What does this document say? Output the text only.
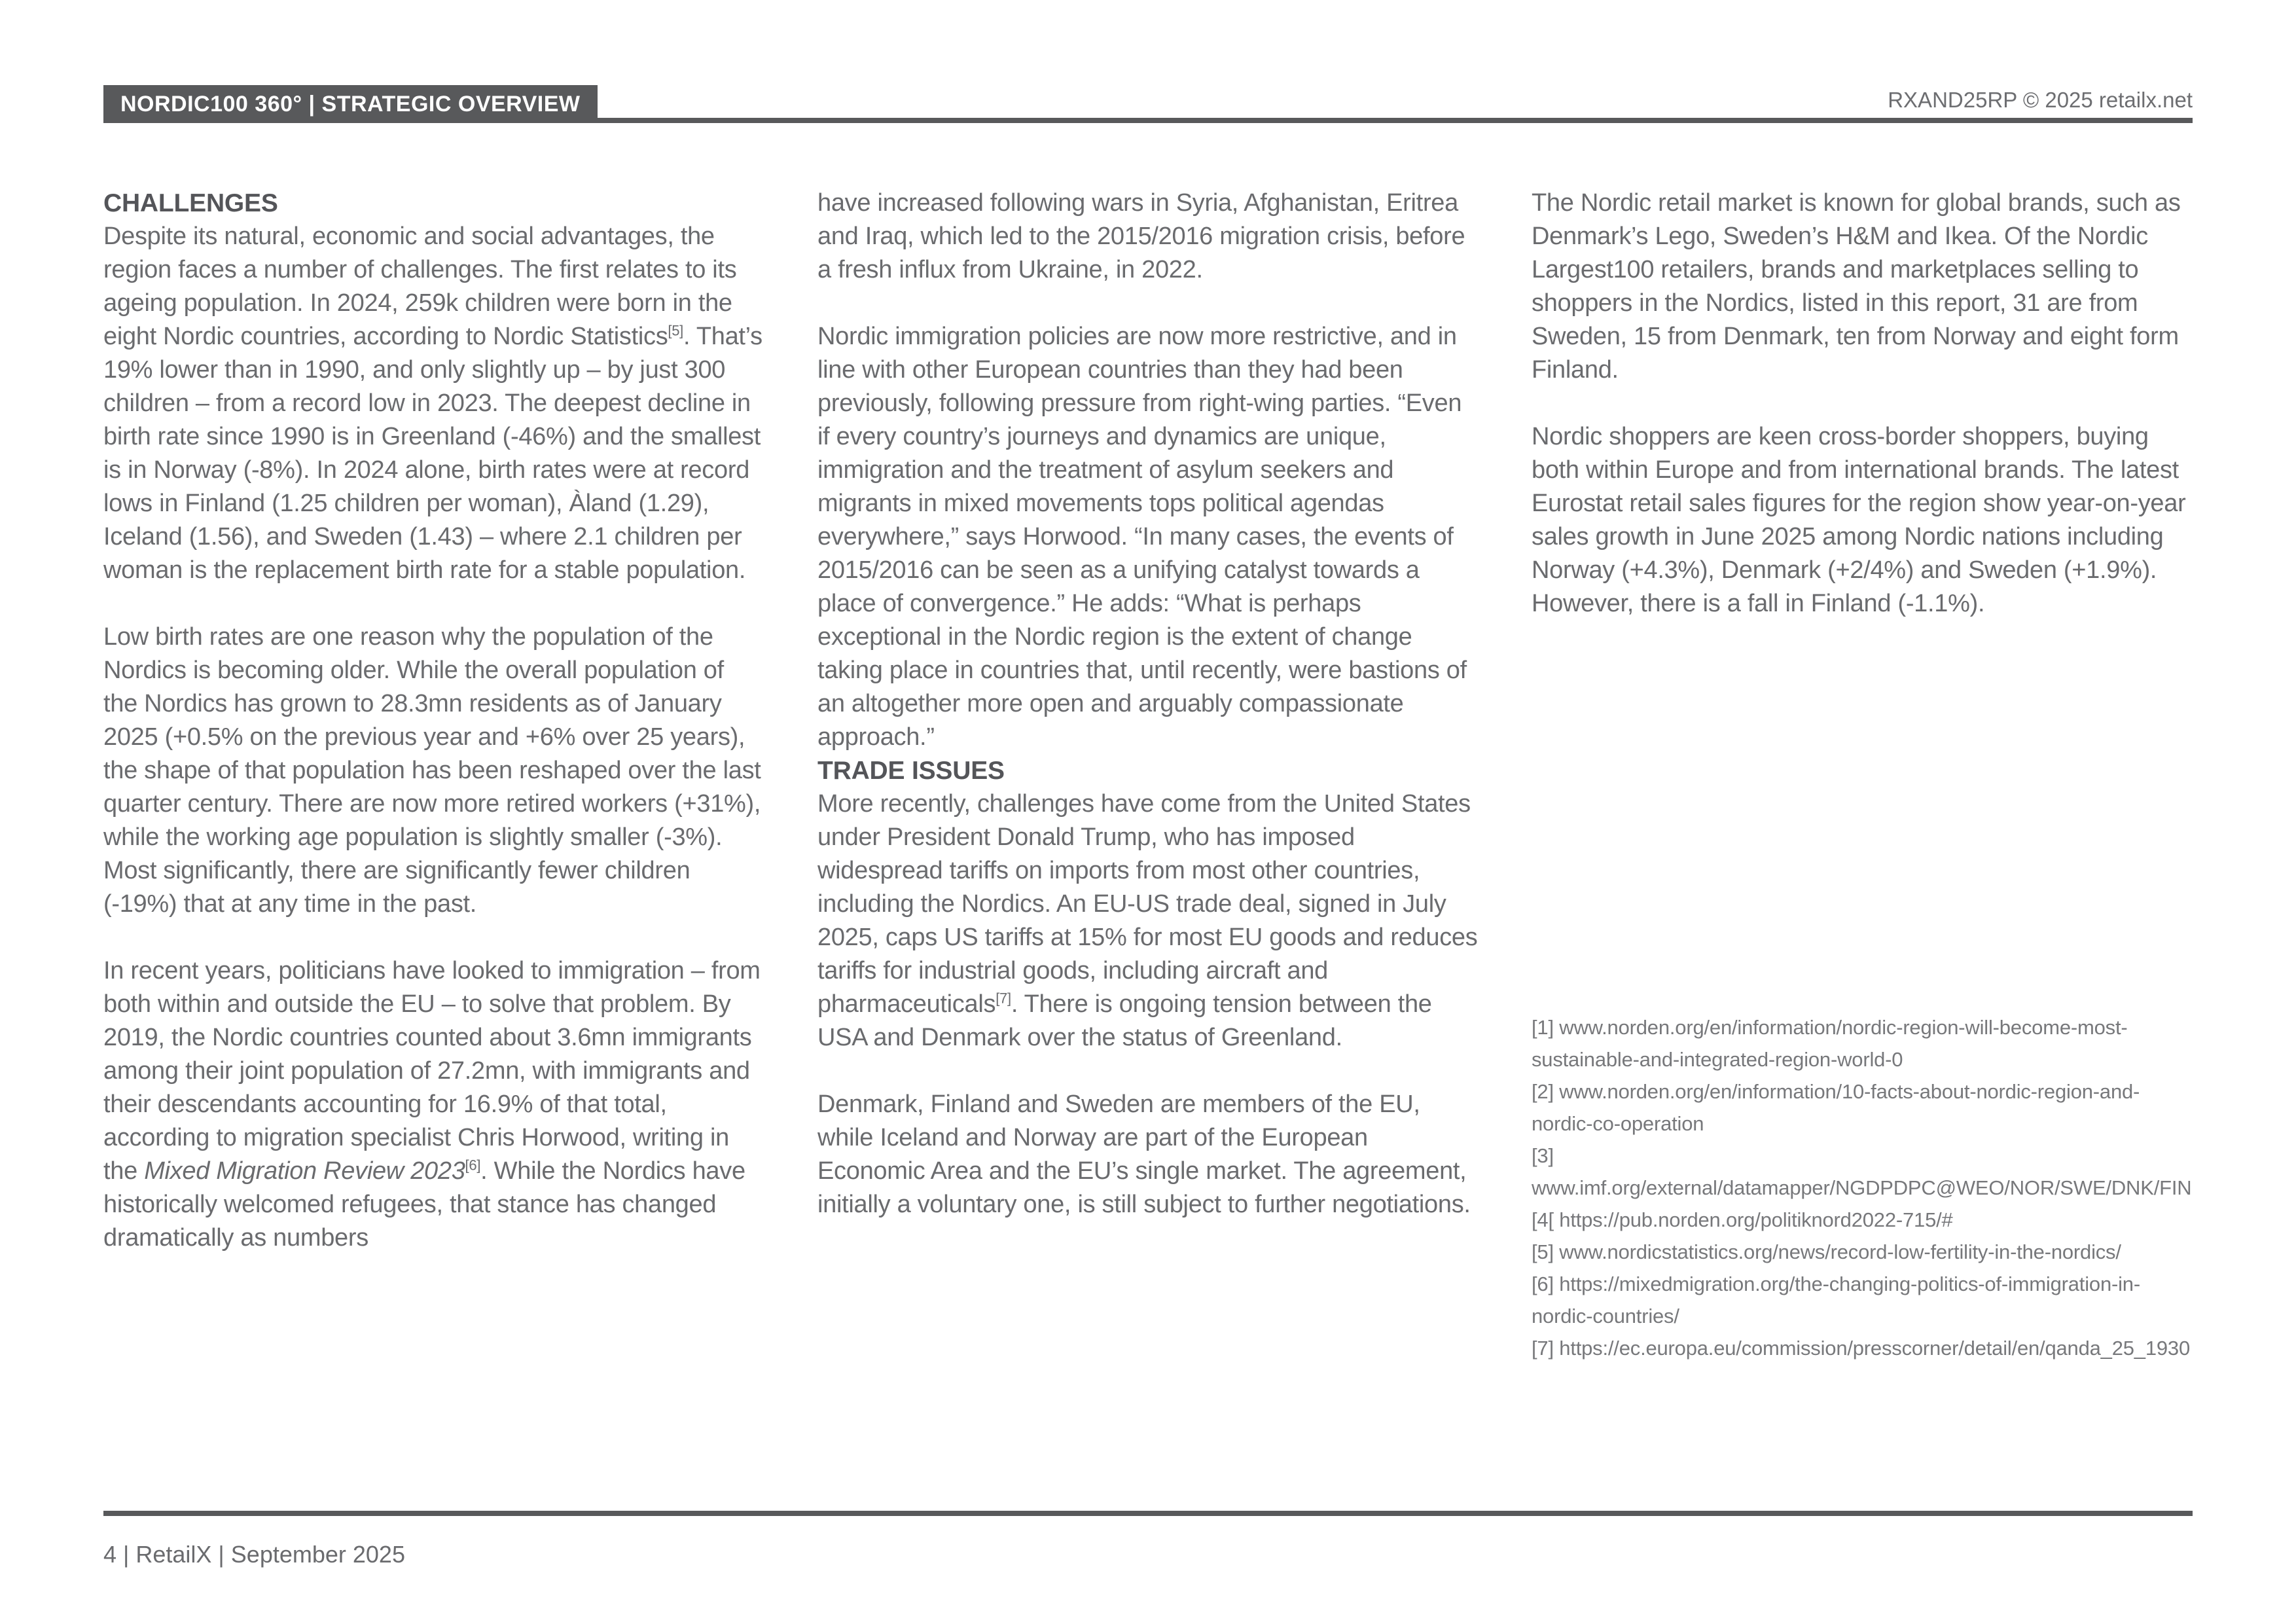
NORDIC100 360° | STRATEGIC OVERVIEW	RXAND25RP © 2025 retailx.net
CHALLENGES

Despite its natural, economic and social advantages, the region faces a number of challenges. The first relates to its ageing population. In 2024, 259k children were born in the eight Nordic countries, according to Nordic Statistics[5]. That’s 19% lower than in 1990, and only slightly up – by just 300 children – from a record low in 2023. The deepest decline in birth rate since 1990 is in Greenland (-46%) and the smallest is in Norway (-8%). In 2024 alone, birth rates were at record lows in Finland (1.25 children per woman), Àland (1.29), Iceland (1.56), and Sweden (1.43) – where 2.1 children per woman is the replacement birth rate for a stable population.

Low birth rates are one reason why the population of the Nordics is becoming older. While the overall population of the Nordics has grown to 28.3mn residents as of January 2025 (+0.5% on the previous year and +6% over 25 years), the shape of that population has been reshaped over the last quarter century. There are now more retired workers (+31%), while the working age population is slightly smaller (-3%). Most significantly, there are significantly fewer children (-19%) that at any time in the past.

In recent years, politicians have looked to immigration – from both within and outside the EU – to solve that problem. By 2019, the Nordic countries counted about 3.6mn immigrants among their joint population of 27.2mn, with immigrants and their descendants accounting for 16.9% of that total, according to migration specialist Chris Horwood, writing in the Mixed Migration Review 2023[6]. While the Nordics have historically welcomed refugees, that stance has changed dramatically as numbers

have increased following wars in Syria, Afghanistan, Eritrea and Iraq, which led to the 2015/2016 migration crisis, before a fresh influx from Ukraine, in 2022.

Nordic immigration policies are now more restrictive, and in line with other European countries than they had been previously, following pressure from right-wing parties. “Even if every country’s journeys and dynamics are unique, immigration and the treatment of asylum seekers and migrants in mixed movements tops political agendas everywhere,” says Horwood. “In many cases, the events of 2015/2016 can be seen as a unifying catalyst towards a place of convergence.” He adds: “What is perhaps exceptional in the Nordic region is the extent of change taking place in countries that, until recently, were bastions of an altogether more open and arguably compassionate approach.”

TRADE ISSUES

More recently, challenges have come from the United States under President Donald Trump, who has imposed widespread tariffs on imports from most other countries, including the Nordics. An EU-US trade deal, signed in July 2025, caps US tariffs at 15% for most EU goods and reduces tariffs for industrial goods, including aircraft and pharmaceuticals[7]. There is ongoing tension between the USA and Denmark over the status of Greenland.

Denmark, Finland and Sweden are members of the EU, while Iceland and Norway are part of the European Economic Area and the EU’s single market. The agreement, initially a voluntary one, is still subject to further negotiations.

The Nordic retail market is known for global brands, such as Denmark’s Lego, Sweden’s H&M and Ikea. Of the Nordic Largest100 retailers, brands and marketplaces selling to shoppers in the Nordics, listed in this report, 31 are from Sweden, 15 from Denmark, ten from Norway and eight form Finland.

Nordic shoppers are keen cross-border shoppers, buying both within Europe and from international brands. The latest Eurostat retail sales figures for the region show year-on-year sales growth in June 2025 among Nordic nations including Norway (+4.3%), Denmark (+2/4%) and Sweden (+1.9%). However, there is a fall in Finland (-1.1%).

[1] www.norden.org/en/information/nordic-region-will-become-most-sustainable-and-integrated-region-world-0
[2] www.norden.org/en/information/10-facts-about-nordic-region-and-nordic-co-operation
[3] www.imf.org/external/datamapper/NGDPDPC@WEO/NOR/SWE/DNK/FIN
[4[ https://pub.norden.org/politiknord2022-715/#
[5] www.nordicstatistics.org/news/record-low-fertility-in-the-nordics/
[6] https://mixedmigration.org/the-changing-politics-of-immigration-in-nordic-countries/
[7] https://ec.europa.eu/commission/presscorner/detail/en/qanda_25_1930
4 | RetailX | September 2025
